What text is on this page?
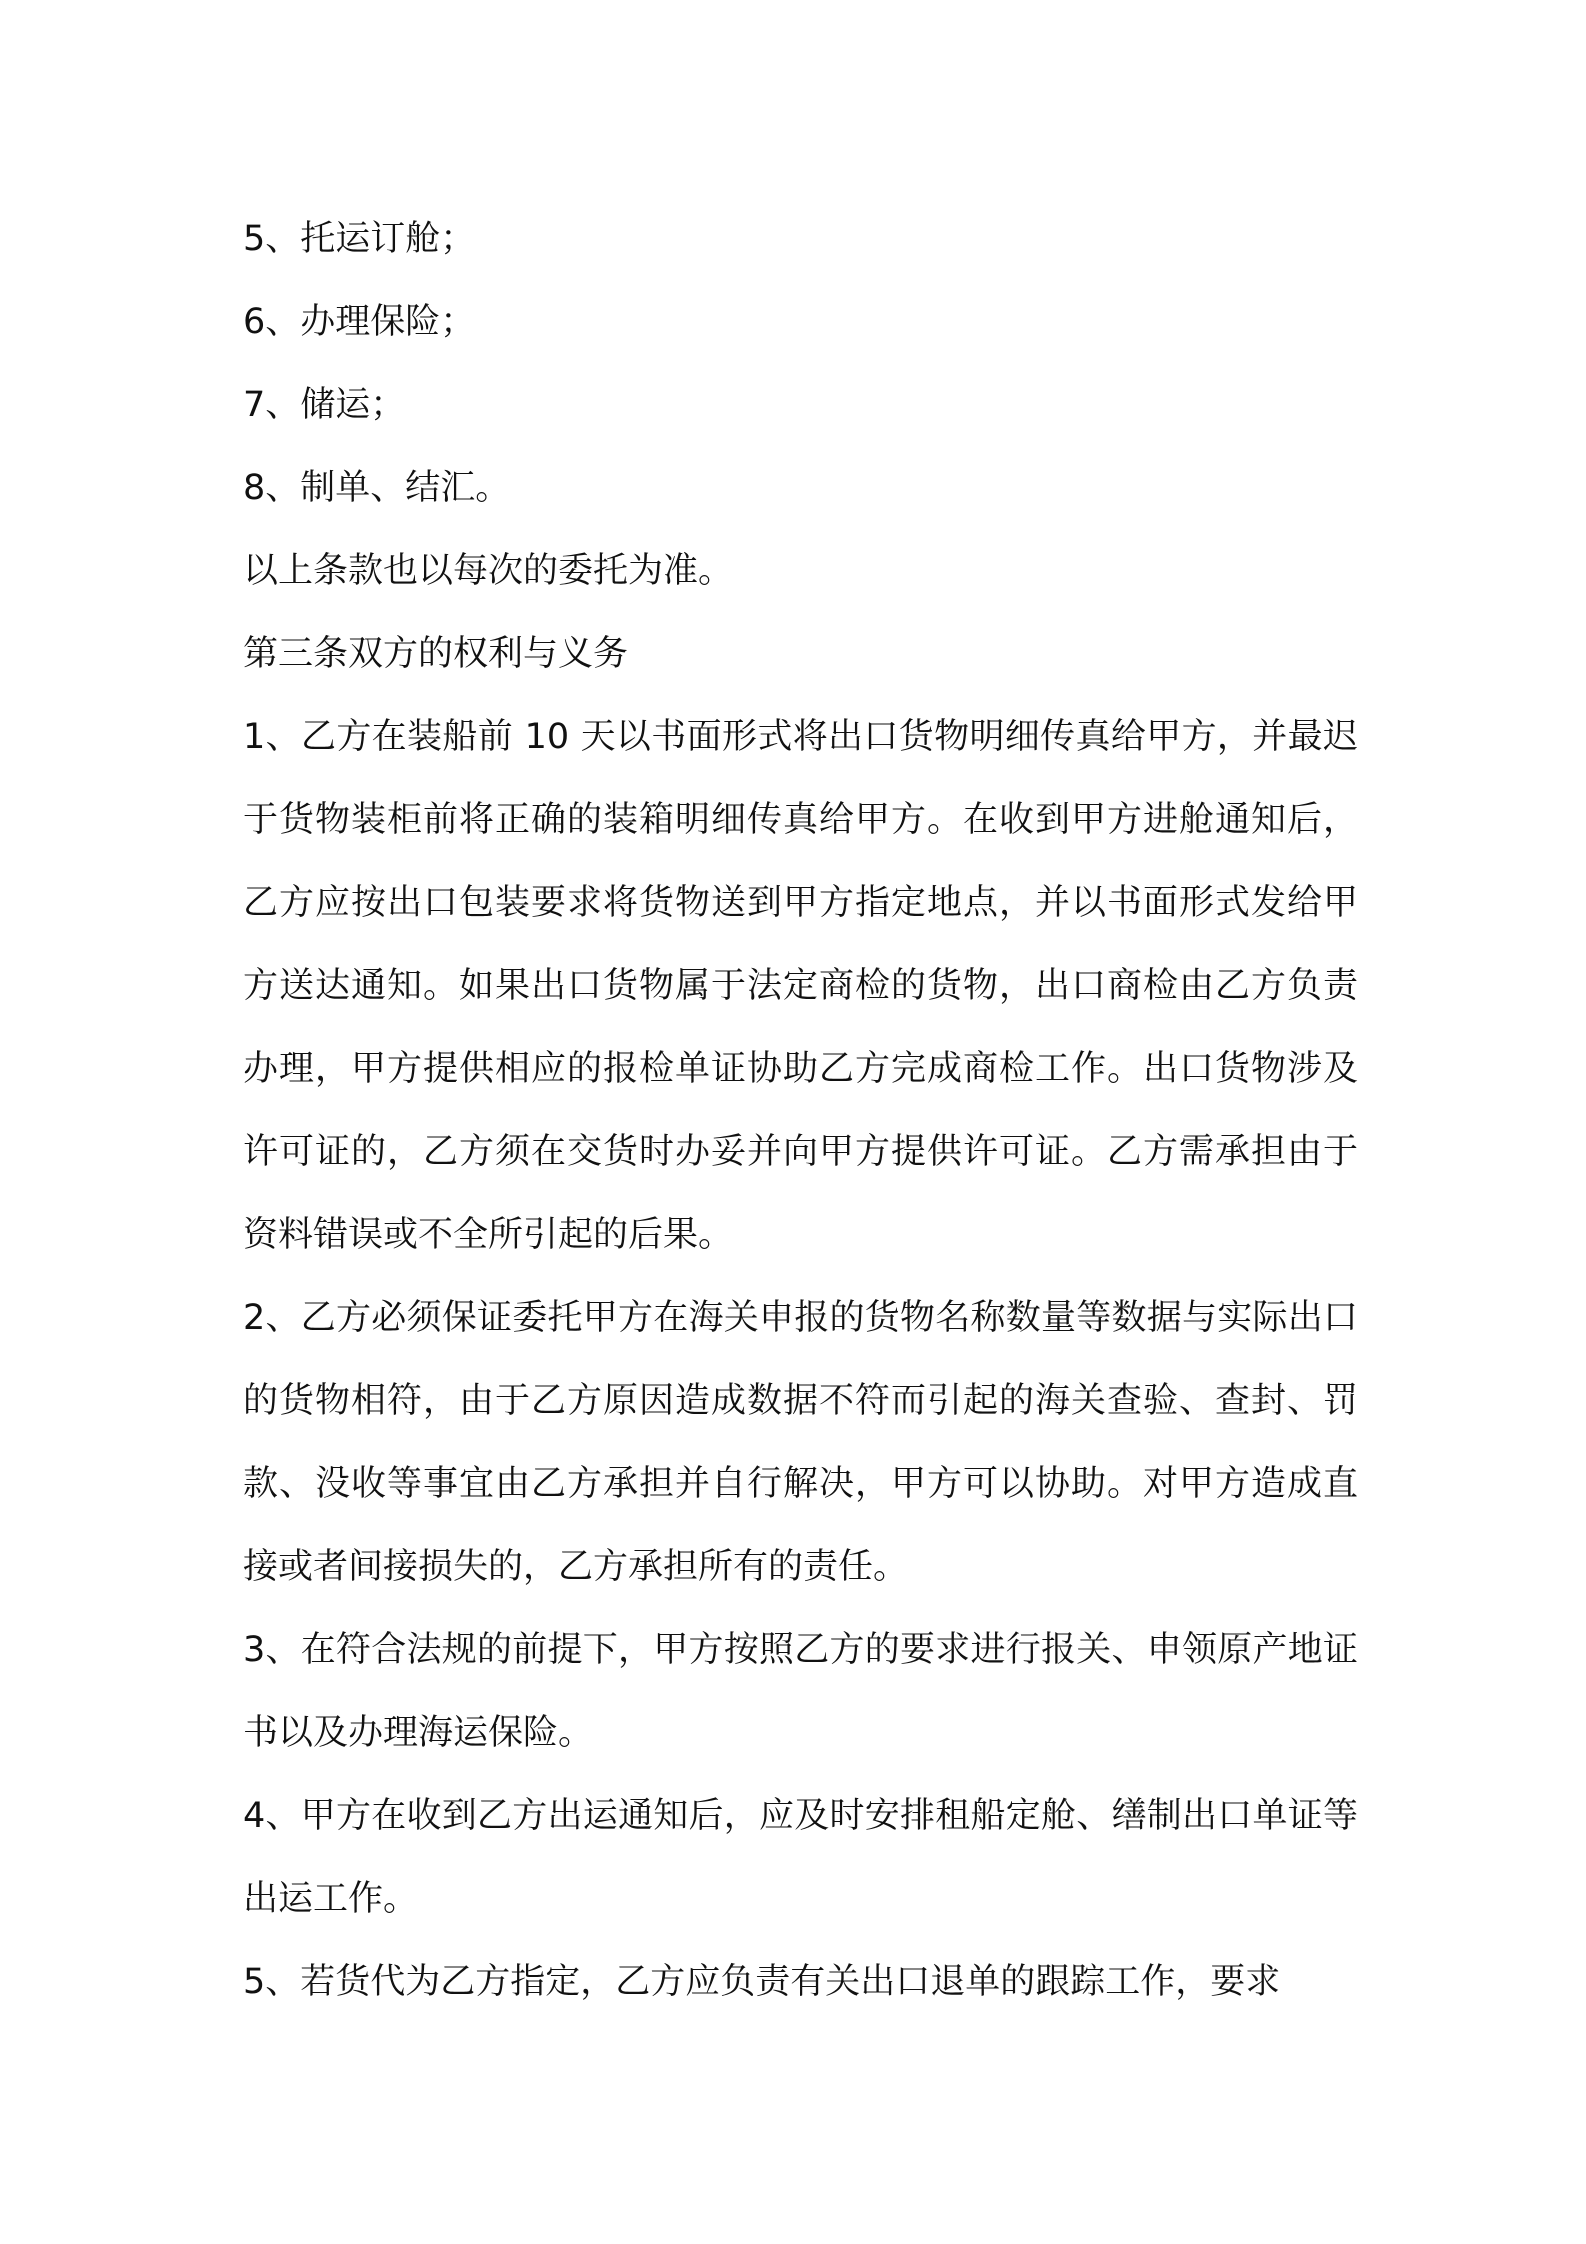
5、托运订舱；

6、办理保险；

7、储运；

8、制单、结汇。

以上条款也以每次的委托为准。

第三条双方的权利与义务

1、乙方在装船前 10 天以书面形式将出口货物明细传真给甲方，并最迟于货物装柜前将正确的装箱明细传真给甲方。在收到甲方进舱通知后，乙方应按出口包装要求将货物送到甲方指定地点，并以书面形式发给甲方送达通知。如果出口货物属于法定商检的货物，出口商检由乙方负责办理，甲方提供相应的报检单证协助乙方完成商检工作。出口货物涉及许可证的，乙方须在交货时办妥并向甲方提供许可证。乙方需承担由于资料错误或不全所引起的后果。

2、乙方必须保证委托甲方在海关申报的货物名称数量等数据与实际出口的货物相符，由于乙方原因造成数据不符而引起的海关查验、查封、罚款、没收等事宜由乙方承担并自行解决，甲方可以协助。对甲方造成直接或者间接损失的，乙方承担所有的责任。

3、在符合法规的前提下，甲方按照乙方的要求进行报关、申领原产地证书以及办理海运保险。

4、甲方在收到乙方出运通知后，应及时安排租船定舱、缮制出口单证等出运工作。

5、若货代为乙方指定，乙方应负责有关出口退单的跟踪工作，要求
